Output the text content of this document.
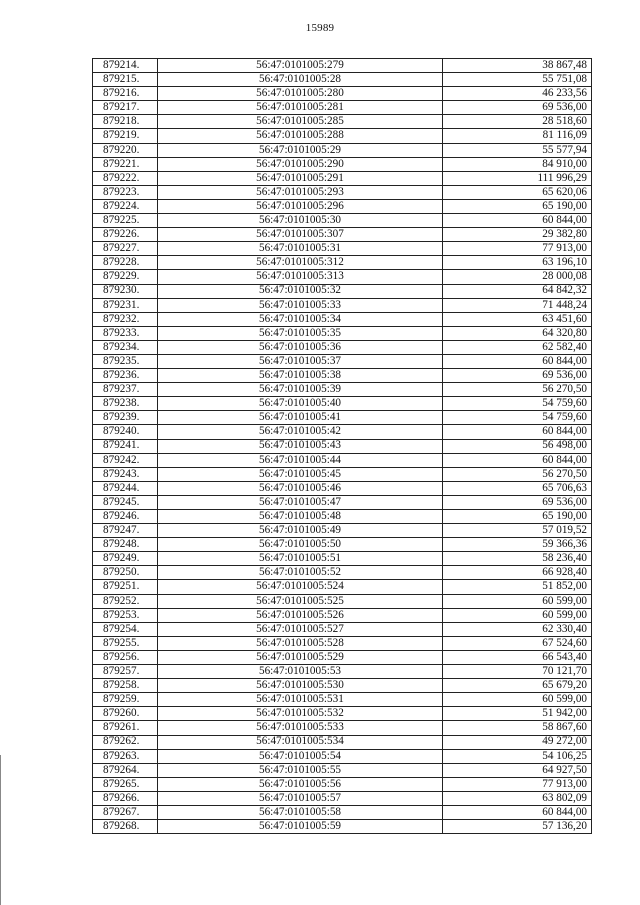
15989
879214.	56:47:0101005:279	38 867,48
879215.	56:47:0101005:28	55 751,08
879216.	56:47:0101005:280	46 233,56
879217.	56:47:0101005:281	69 536,00
879218.	56:47:0101005:285	28 518,60
879219.	56:47:0101005:288	81 116,09
879220.	56:47:0101005:29	55 577,94
879221.	56:47:0101005:290	84 910,00
879222.	56:47:0101005:291	111 996,29
879223.	56:47:0101005:293	65 620,06
879224.	56:47:0101005:296	65 190,00
879225.	56:47:0101005:30	60 844,00
879226.	56:47:0101005:307	29 382,80
879227.	56:47:0101005:31	77 913,00
879228.	56:47:0101005:312	63 196,10
879229.	56:47:0101005:313	28 000,08
879230.	56:47:0101005:32	64 842,32
879231.	56:47:0101005:33	71 448,24
879232.	56:47:0101005:34	63 451,60
879233.	56:47:0101005:35	64 320,80
879234.	56:47:0101005:36	62 582,40
879235.	56:47:0101005:37	60 844,00
879236.	56:47:0101005:38	69 536,00
879237.	56:47:0101005:39	56 270,50
879238.	56:47:0101005:40	54 759,60
879239.	56:47:0101005:41	54 759,60
879240.	56:47:0101005:42	60 844,00
879241.	56:47:0101005:43	56 498,00
879242.	56:47:0101005:44	60 844,00
879243.	56:47:0101005:45	56 270,50
879244.	56:47:0101005:46	65 706,63
879245.	56:47:0101005:47	69 536,00
879246.	56:47:0101005:48	65 190,00
879247.	56:47:0101005:49	57 019,52
879248.	56:47:0101005:50	59 366,36
879249.	56:47:0101005:51	58 236,40
879250.	56:47:0101005:52	66 928,40
879251.	56:47:0101005:524	51 852,00
879252.	56:47:0101005:525	60 599,00
879253.	56:47:0101005:526	60 599,00
879254.	56:47:0101005:527	62 330,40
879255.	56:47:0101005:528	67 524,60
879256.	56:47:0101005:529	66 543,40
879257.	56:47:0101005:53	70 121,70
879258.	56:47:0101005:530	65 679,20
879259.	56:47:0101005:531	60 599,00
879260.	56:47:0101005:532	51 942,00
879261.	56:47:0101005:533	58 867,60
879262.	56:47:0101005:534	49 272,00
879263.	56:47:0101005:54	54 106,25
879264.	56:47:0101005:55	64 927,50
879265.	56:47:0101005:56	77 913,00
879266.	56:47:0101005:57	63 802,09
879267.	56:47:0101005:58	60 844,00
879268.	56:47:0101005:59	57 136,20
